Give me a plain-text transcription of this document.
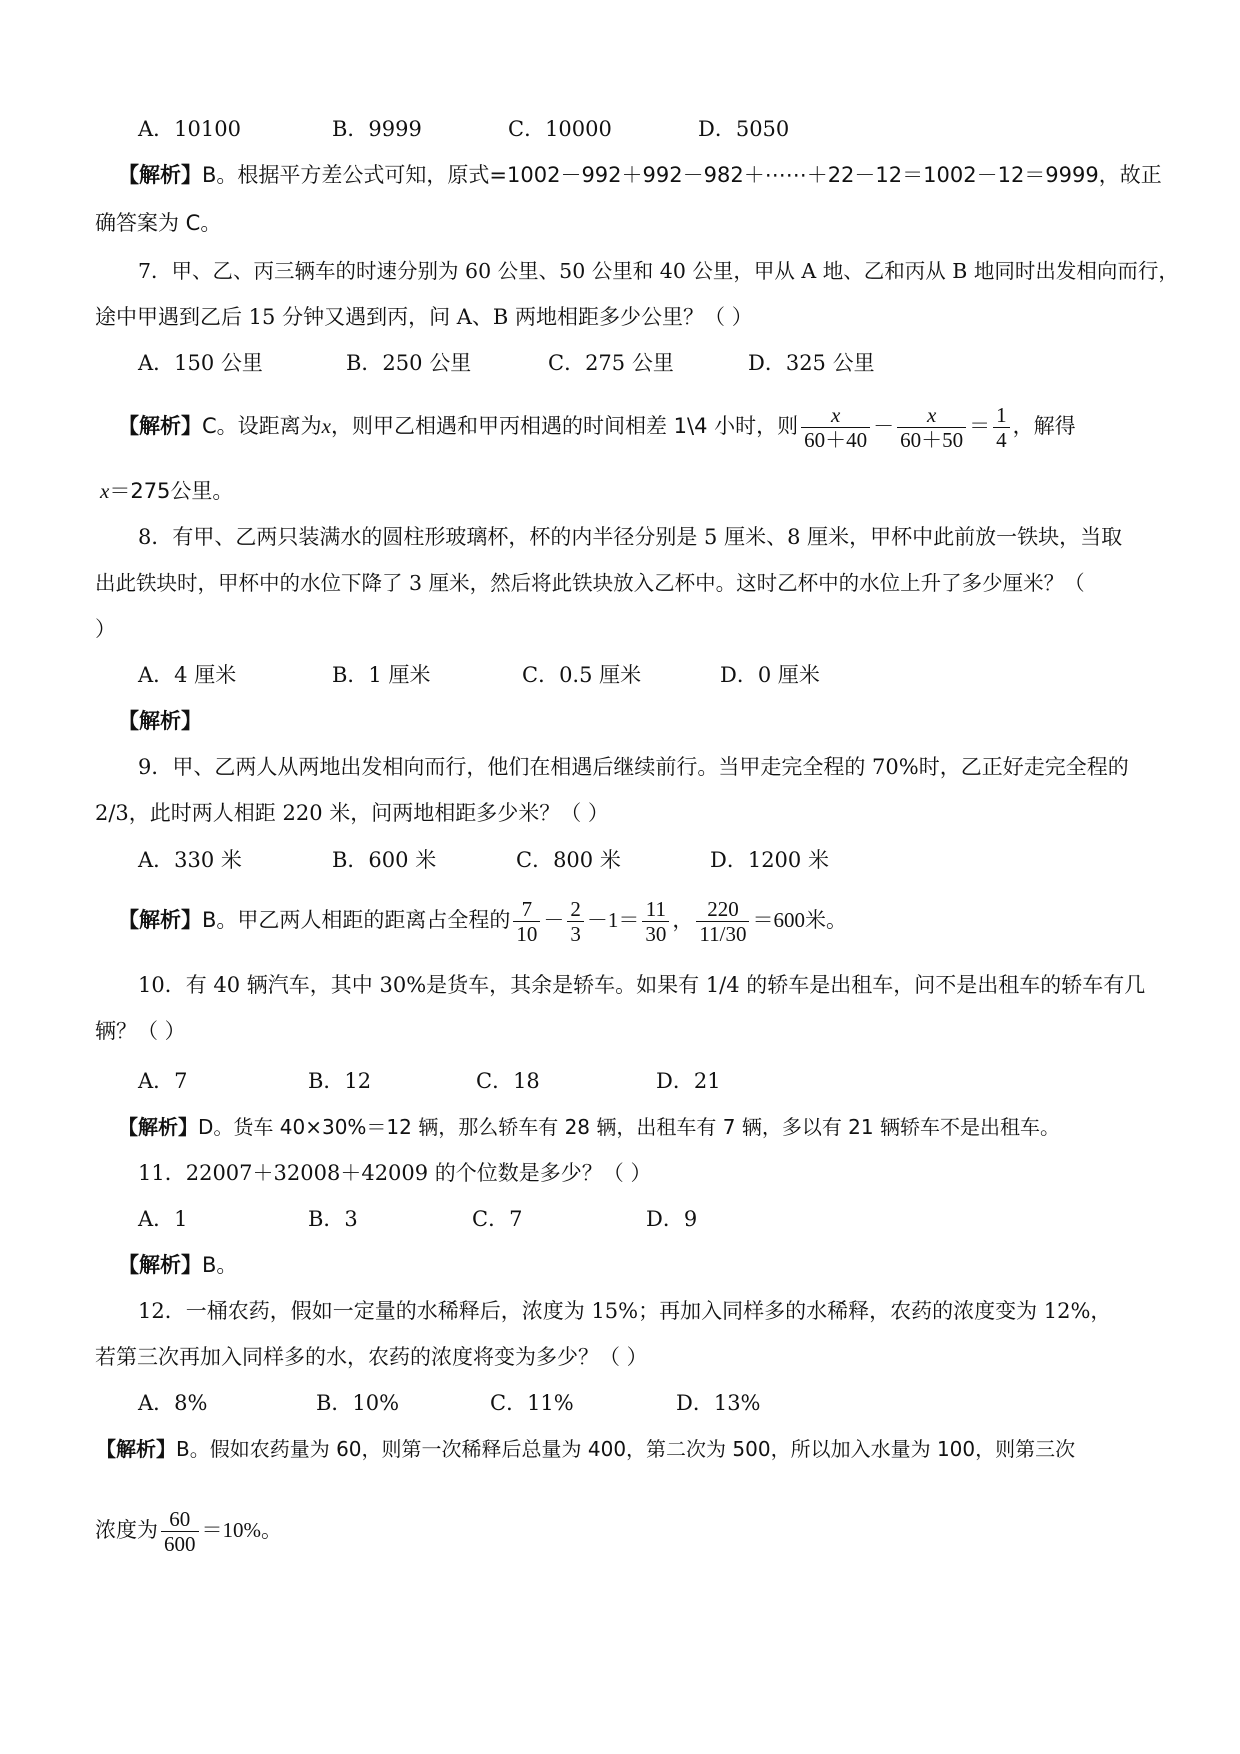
A．10100	B．9999	C．10000	D．5050
【解析】B。根据平方差公式可知，原式=1002－992＋992－982＋⋯⋯＋22－12＝1002－12＝9999，故正
确答案为 C。
7．甲、乙、丙三辆车的时速分别为 60 公里、50 公里和 40 公里，甲从 A 地、乙和丙从 B 地同时出发相向而行，
途中甲遇到乙后 15 分钟又遇到丙，问 A、B 两地相距多少公里？（ ）
A．150 公里	B．250 公里	C．275 公里	D．325 公里
【解析】C。设距离为x，则甲乙相遇和甲丙相遇的时间相差 1\4 小时，则 $\frac{x}{60+40} - \frac{x}{60+50} = \frac{1}{4}$ ，解得
x＝275公里。
8．有甲、乙两只装满水的圆柱形玻璃杯，杯的内半径分别是 5 厘米、8 厘米，甲杯中此前放一铁块，当取
出此铁块时，甲杯中的水位下降了 3 厘米，然后将此铁块放入乙杯中。这时乙杯中的水位上升了多少厘米？（
）
A．4 厘米	B．1 厘米	C．0.5 厘米	D．0 厘米
【解析】
9．甲、乙两人从两地出发相向而行，他们在相遇后继续前行。当甲走完全程的 70%时，乙正好走完全程的
2/3，此时两人相距 220 米，问两地相距多少米？（ ）
A．330 米	B．600 米	C．800 米	D．1200 米
【解析】B。甲乙两人相距的距离占全程的 $\frac{7}{10} - \frac{2}{3} -1= \frac{11}{30}$ ， $\frac{220}{11/30} =600$米。
10．有 40 辆汽车，其中 30%是货车，其余是轿车。如果有 1/4 的轿车是出租车，问不是出租车的轿车有几
辆？（ ）
A．7	B．12	C．18	D．21
【解析】D。货车 40×30%＝12 辆，那么轿车有 28 辆，出租车有 7 辆，多以有 21 辆轿车不是出租车。
11．22007＋32008＋42009 的个位数是多少？（ ）
A．1	B．3	C．7	D．9
【解析】B。
12．一桶农药，假如一定量的水稀释后，浓度为 15%；再加入同样多的水稀释，农药的浓度变为 12%，
若第三次再加入同样多的水，农药的浓度将变为多少？（ ）
A．8%	B．10%	C．11%	D．13%
【解析】B。假如农药量为 60，则第一次稀释后总量为 400，第二次为 500，所以加入水量为 100，则第三次
浓度为 $\frac{60}{600} =10\%$。
